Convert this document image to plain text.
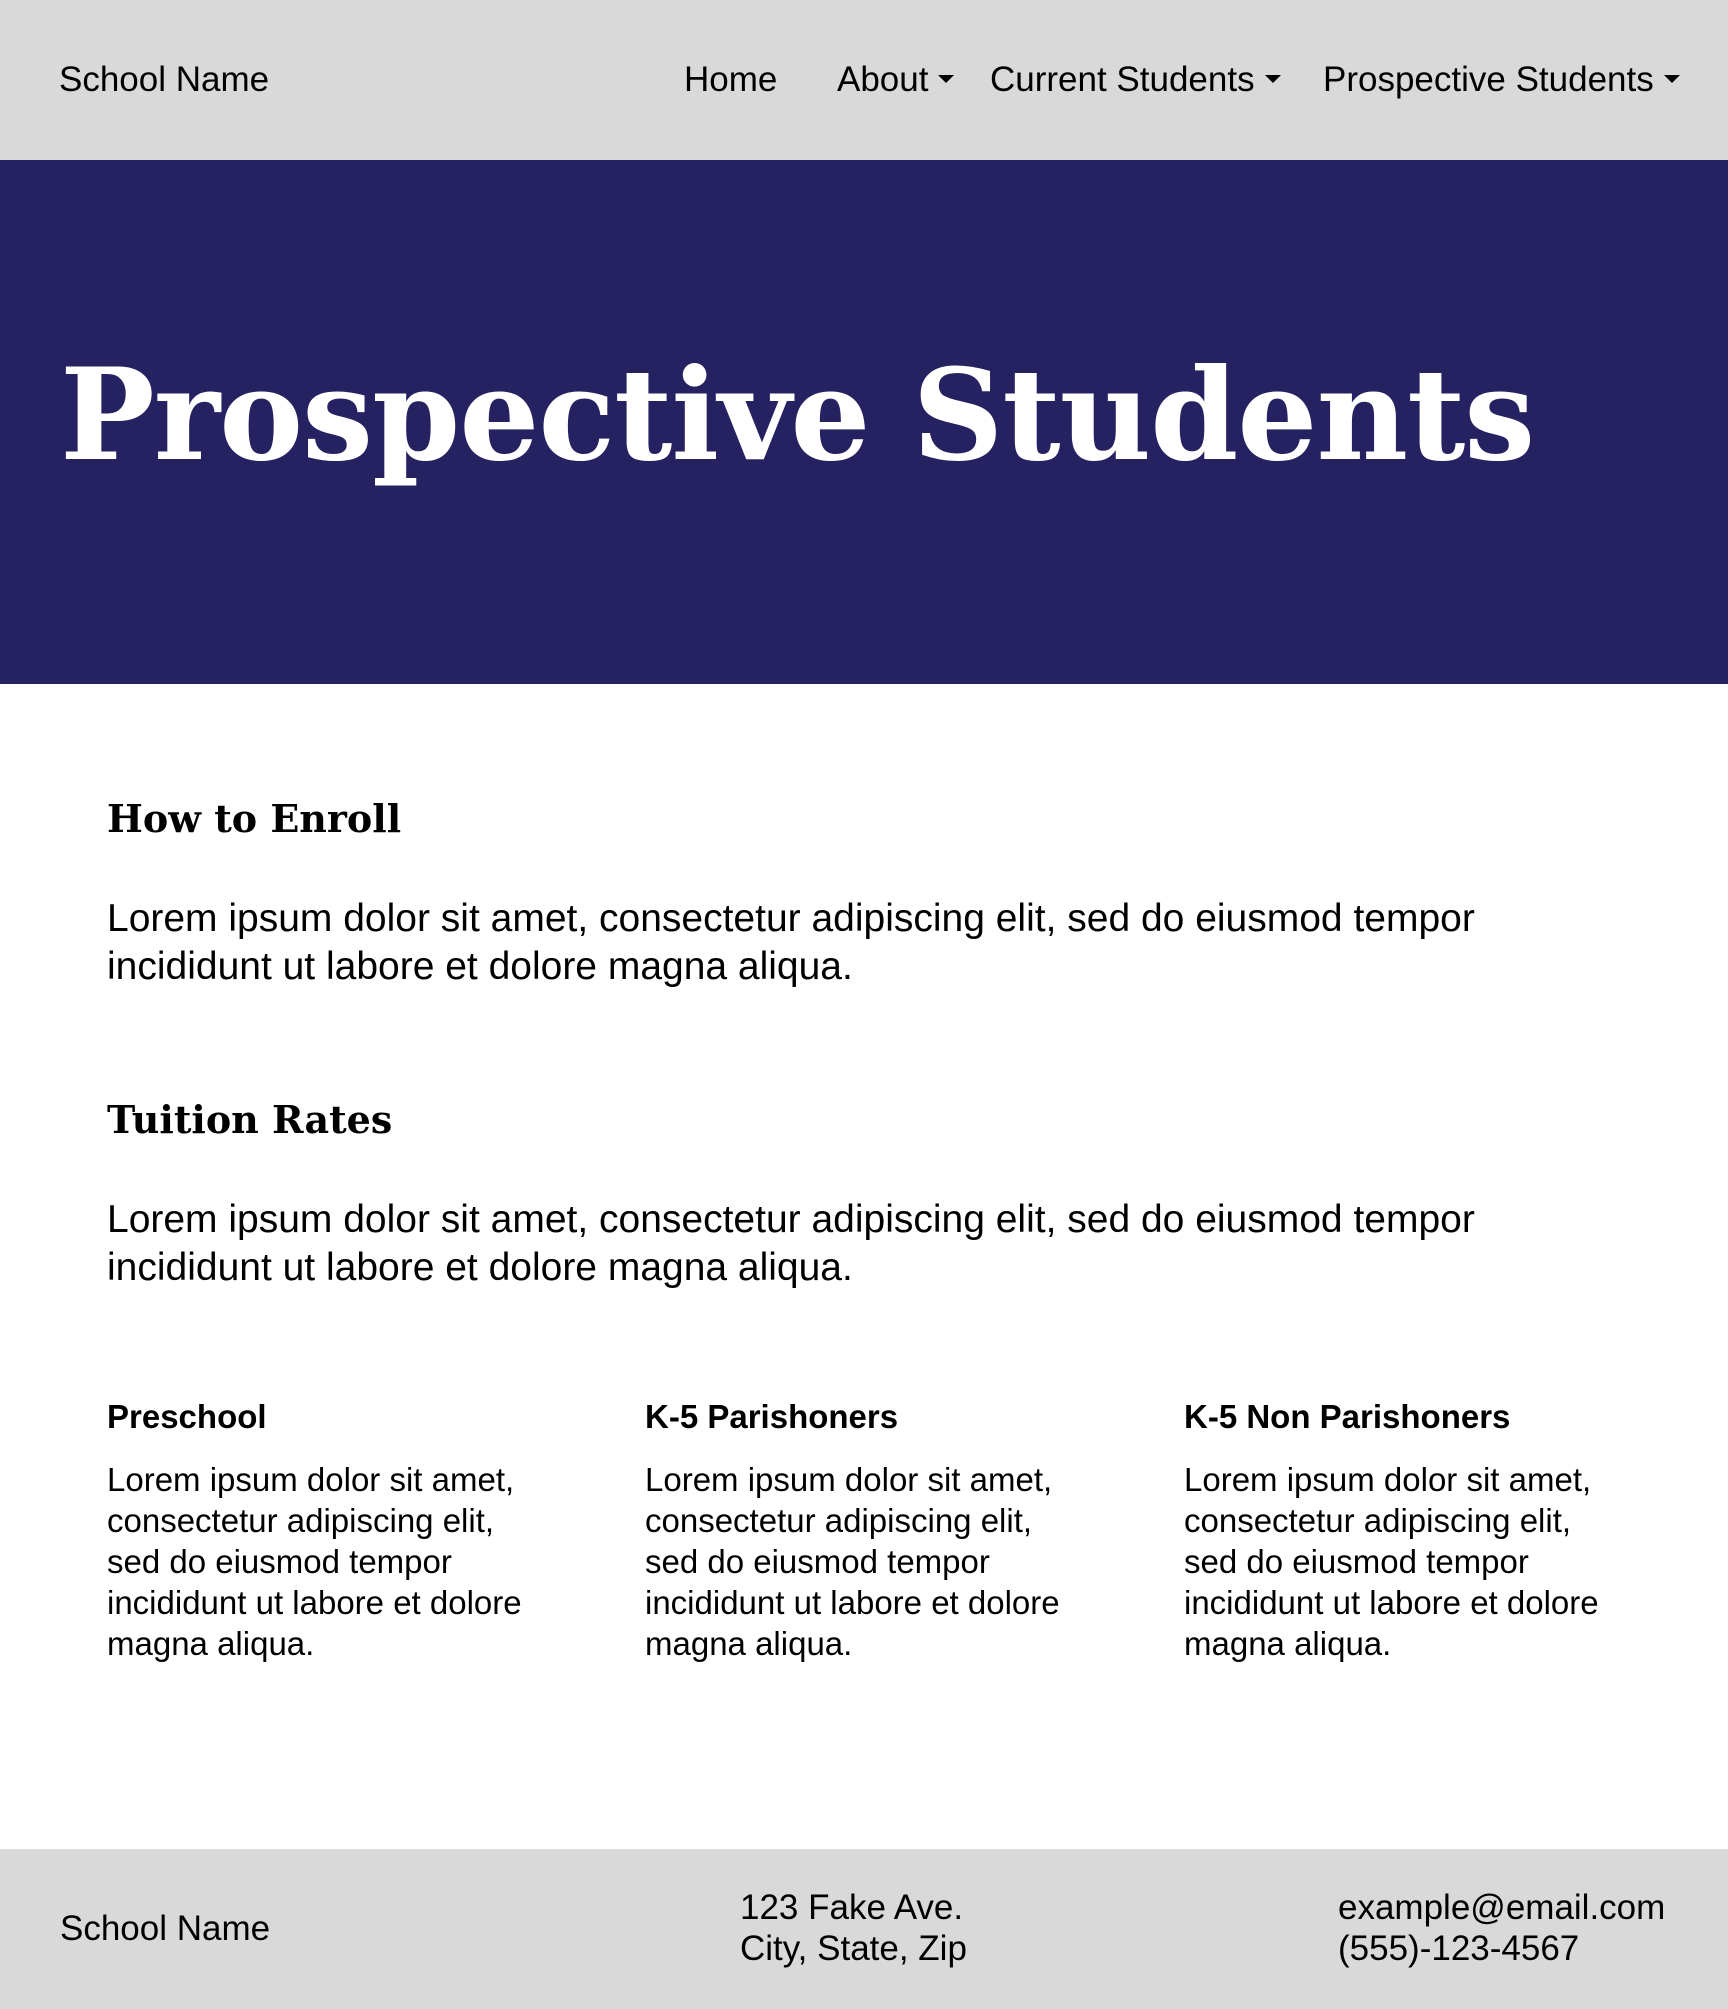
School Name	Home About	Current Students	Prospective Students
Prospective Students
How to Enroll

Lorem ipsum dolor sit amet, consectetur adipiscing elit, sed do eiusmod tempor incididunt ut labore et dolore magna aliqua.

Tuition Rates

Lorem ipsum dolor sit amet, consectetur adipiscing elit, sed do eiusmod tempor incididunt ut labore et dolore magna aliqua.

Preschool

Lorem ipsum dolor sit amet, consectetur adipiscing elit, sed do eiusmod tempor incididunt ut labore et dolore magna aliqua.

K-5 Parishoners

Lorem ipsum dolor sit amet, consectetur adipiscing elit, sed do eiusmod tempor incididunt ut labore et dolore magna aliqua.

K-5 Non Parishoners

Lorem ipsum dolor sit amet, consectetur adipiscing elit, sed do eiusmod tempor incididunt ut labore et dolore magna aliqua.

School Name
123 Fake Ave.
City, State, Zip
example@email.com
(555)-123-4567
